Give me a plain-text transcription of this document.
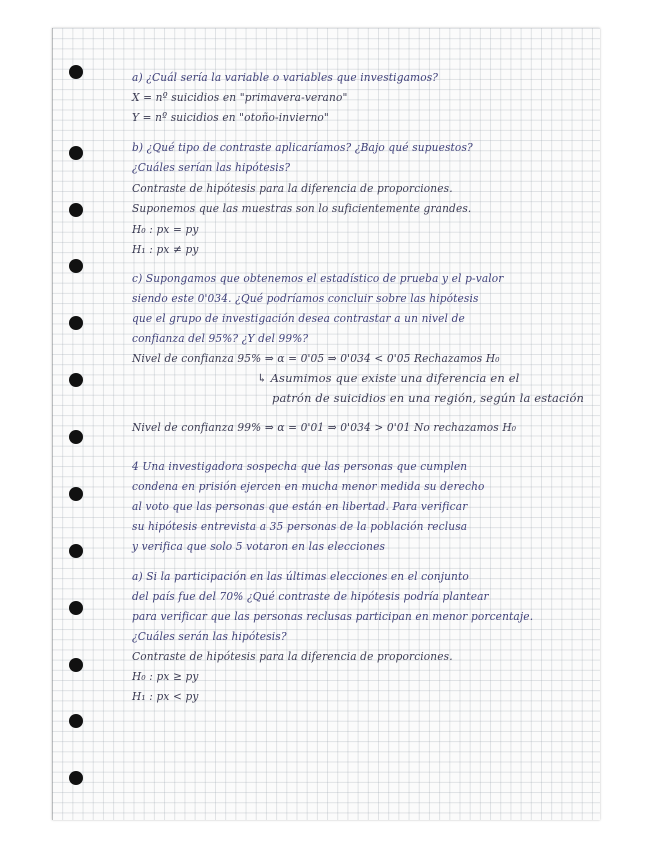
a) ¿Cuál sería la variable o variables que investigamos?
X = nº suicidios en "primavera-verano"
Y = nº suicidios en "otoño-invierno"
b) ¿Qué tipo de contraste aplicaríamos? ¿Bajo qué supuestos?
¿Cuáles serían las hipótesis?
Contraste de hipótesis para la diferencia de proporciones.
Suponemos que las muestras son lo suficientemente grandes.
H₀ : px = py
H₁ : px ≠ py
c) Supongamos que obtenemos el estadístico de prueba y el p-valor
siendo este 0'034. ¿Qué podríamos concluir sobre las hipótesis
que el grupo de investigación desea contrastar a un nivel de
confianza del 95%? ¿Y del 99%?
Nivel de confianza 95% ⇒ α = 0'05 ⇒ 0'034 < 0'05 Rechazamos H₀
↳ Asumimos que existe una diferencia en el
patrón de suicidios en una región, según la estación
Nivel de confianza 99% ⇒ α = 0'01 ⇒ 0'034 > 0'01 No rechazamos H₀
4 Una investigadora sospecha que las personas que cumplen
condena en prisión ejercen en mucha menor medida su derecho
al voto que las personas que están en libertad. Para verificar
su hipótesis entrevista a 35 personas de la población reclusa
y verifica que solo 5 votaron en las elecciones
a) Si la participación en las últimas elecciones en el conjunto
del país fue del 70% ¿Qué contraste de hipótesis podría plantear
para verificar que las personas reclusas participan en menor porcentaje.
¿Cuáles serán las hipótesis?
Contraste de hipótesis para la diferencia de proporciones.
H₀ : px ≥ py
H₁ : px < py
